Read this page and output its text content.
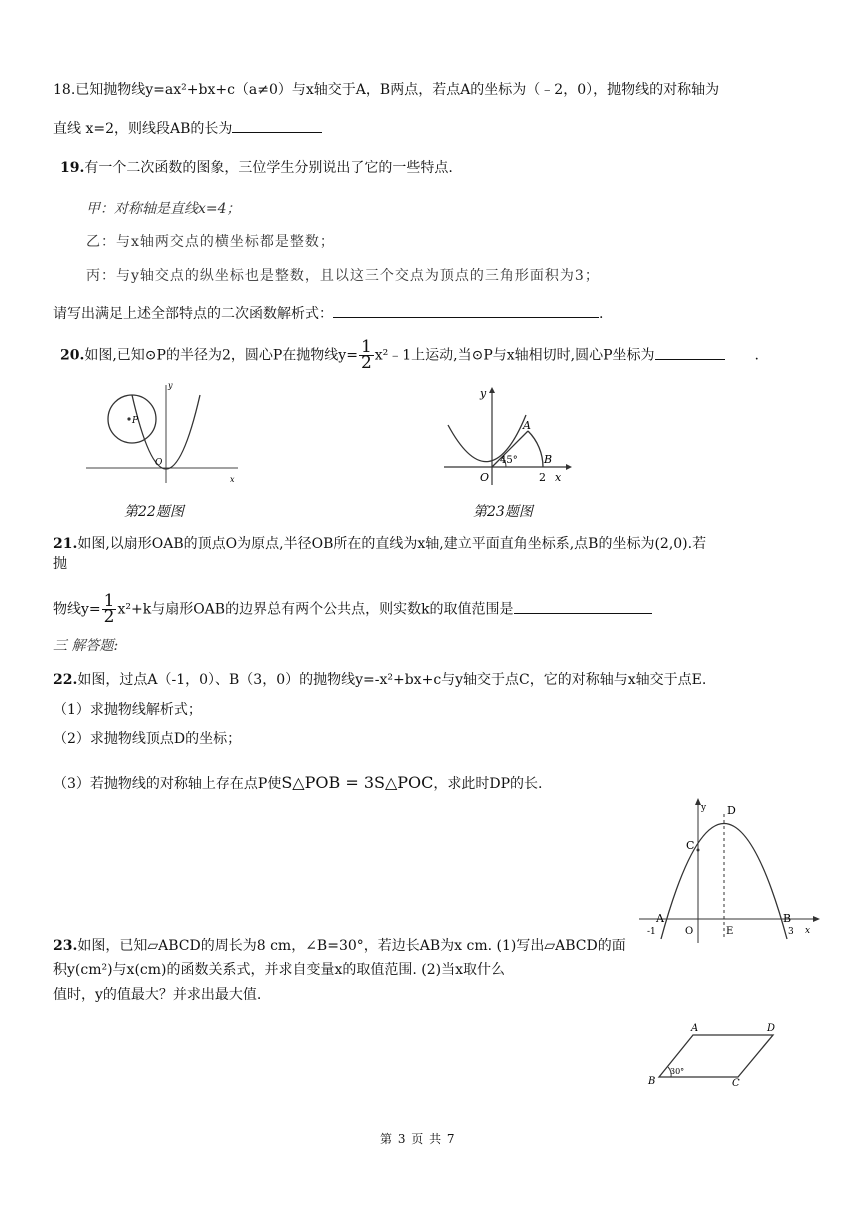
18.已知抛物线y=ax²+bx+c（a≠0）与x轴交于A，B两点，若点A的坐标为（﹣2，0），抛物线的对称轴为
直线 x=2，则线段AB的长为
19.有一个二次函数的图象，三位学生分别说出了它的一些特点.
甲：对称轴是直线x=4；
乙：与x轴两交点的横坐标都是整数；
丙：与y轴交点的纵坐标也是整数，且以这三个交点为顶点的三角形面积为3；
请写出满足上述全部特点的二次函数解析式：	.
20.如图,已知⊙P的半径为2，圆心P在抛物线$y= \frac{1}{2}$ x²﹣1上运动,当⊙P与x轴相切时,圆心P坐标为	.
P
O
x
y
第22题图
A
O
45° B
2 x
y
第23题图
21.如图,以扇形OAB的顶点O为原点,半径OB所在的直线为x轴,建立平面直角坐标系,点B的坐标为(2,0).若
抛
物线$y= \frac{1}{2} x^2+k$与扇形OAB的边界总有两个公共点，则实数k的取值范围是
三 解答题:
22.如图，过点A（-1，0）、B（3，0）的抛物线y=-x²+bx+c与y轴交于点C，它的对称轴与x轴交于点E.
（1）求抛物线解析式；
（2）求抛物线顶点D的坐标；
（3）若抛物线的对称轴上存在点P使S△POB = 3S△POC，求此时DP的长.
y D
C
A	B
-1	O	E	3 x
23.如图，已知▱ABCD的周长为8 cm，∠B=30°，若边长AB为x cm. (1)写出▱ABCD的面
积y(cm²)与x(cm)的函数关系式，并求自变量x的取值范围. (2)当x取什么
值时，y的值最大？并求出最大值.
A	D
B	C
30°
第 3 页 共 7
